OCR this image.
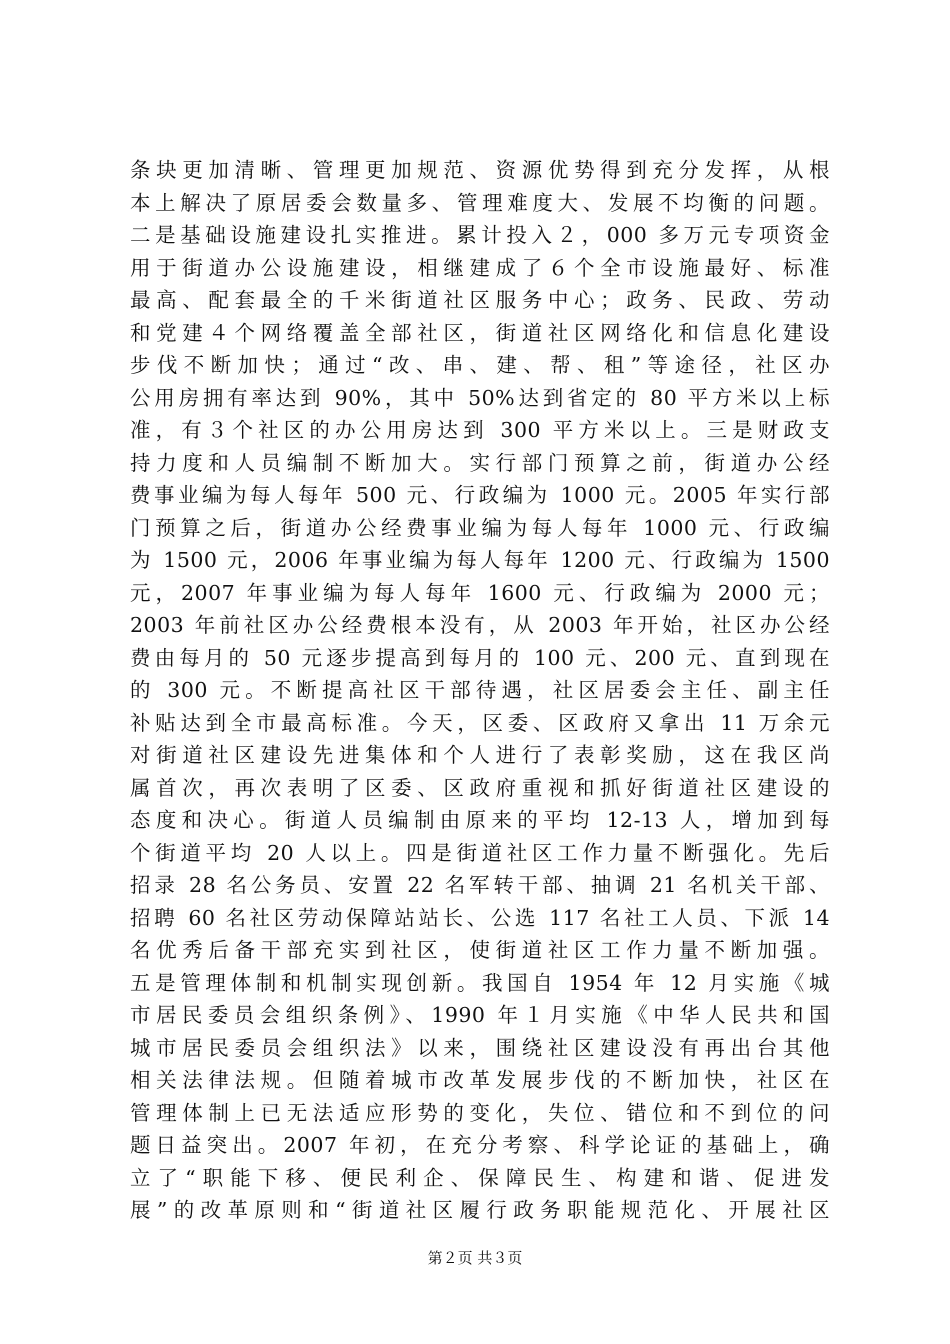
条块更加清晰、管理更加规范、资源优势得到充分发挥，从根
本上解决了原居委会数量多、管理难度大、发展不均衡的问题。
二是基础设施建设扎实推进。累计投入２，000 多万元专项资金
用于街道办公设施建设，相继建成了６个全市设施最好、标准
最高、配套最全的千米街道社区服务中心；政务、民政、劳动
和党建４个网络覆盖全部社区，街道社区网络化和信息化建设
步伐不断加快；通过“改、串、建、帮、租”等途径，社区办
公用房拥有率达到 90%，其中 50%达到省定的 80 平方米以上标
准，有３个社区的办公用房达到 300 平方米以上。三是财政支
持力度和人员编制不断加大。实行部门预算之前，街道办公经
费事业编为每人每年 500 元、行政编为 1000 元。2005 年实行部
门预算之后，街道办公经费事业编为每人每年 1000 元、行政编
为 1500 元，2006 年事业编为每人每年 1200 元、行政编为 1500
元，2007 年事业编为每人每年 1600 元、行政编为 2000 元；
2003 年前社区办公经费根本没有，从 2003 年开始，社区办公经
费由每月的 50 元逐步提高到每月的 100 元、200 元、直到现在
的 300 元。不断提高社区干部待遇，社区居委会主任、副主任
补贴达到全市最高标准。今天，区委、区政府又拿出 11 万余元
对街道社区建设先进集体和个人进行了表彰奖励，这在我区尚
属首次，再次表明了区委、区政府重视和抓好街道社区建设的
态度和决心。街道人员编制由原来的平均 12-13 人，增加到每
个街道平均 20 人以上。四是街道社区工作力量不断强化。先后
招录 28 名公务员、安置 22 名军转干部、抽调 21 名机关干部、
招聘 60 名社区劳动保障站站长、公选 117 名社工人员、下派 14
名优秀后备干部充实到社区，使街道社区工作力量不断加强。
五是管理体制和机制实现创新。我国自 1954 年 12 月实施《城
市居民委员会组织条例》、1990 年１月实施《中华人民共和国
城市居民委员会组织法》以来，围绕社区建设没有再出台其他
相关法律法规。但随着城市改革发展步伐的不断加快，社区在
管理体制上已无法适应形势的变化，失位、错位和不到位的问
题日益突出。2007 年初，在充分考察、科学论证的基础上，确
立了“职能下移、便民利企、保障民生、构建和谐、促进发
展”的改革原则和“街道社区履行政务职能规范化、开展社区
第２页 共３页
